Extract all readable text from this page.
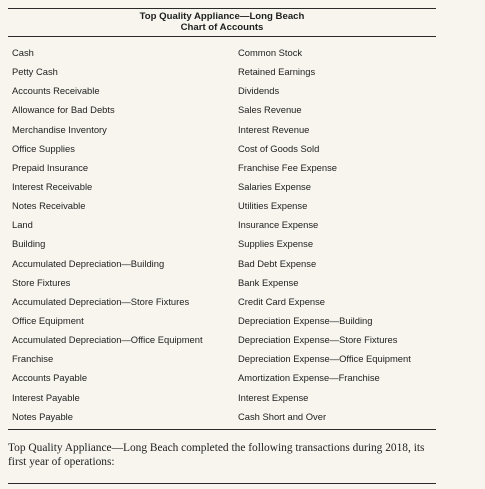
Top Quality Appliance—Long Beach
Chart of Accounts
Cash
Petty Cash
Accounts Receivable
Allowance for Bad Debts
Merchandise Inventory
Office Supplies
Prepaid Insurance
Interest Receivable
Notes Receivable
Land
Building
Accumulated Depreciation—Building
Store Fixtures
Accumulated Depreciation—Store Fixtures
Office Equipment
Accumulated Depreciation—Office Equipment
Franchise
Accounts Payable
Interest Payable
Notes Payable
Common Stock
Retained Earnings
Dividends
Sales Revenue
Interest Revenue
Cost of Goods Sold
Franchise Fee Expense
Salaries Expense
Utilities Expense
Insurance Expense
Supplies Expense
Bad Debt Expense
Bank Expense
Credit Card Expense
Depreciation Expense—Building
Depreciation Expense—Store Fixtures
Depreciation Expense—Office Equipment
Amortization Expense—Franchise
Interest Expense
Cash Short and Over
Top Quality Appliance—Long Beach completed the following transactions during 2018, its first year of operations:
